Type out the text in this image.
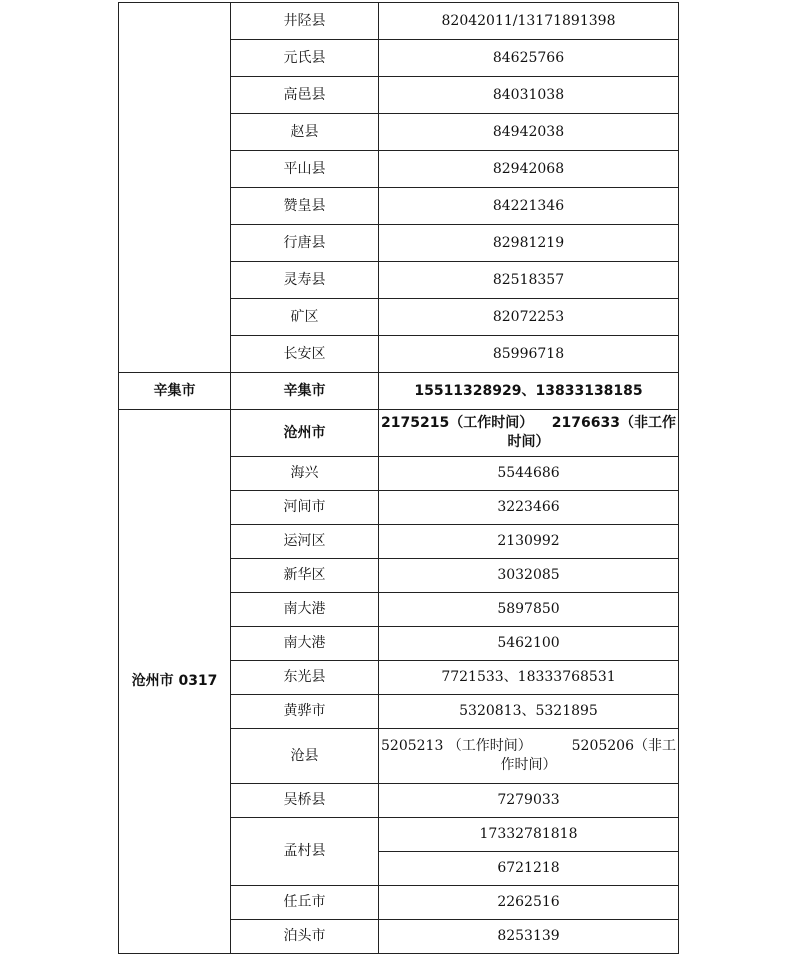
	井陉县	82042011/13171891398
	元氏县	84625766
	高邑县	84031038
	赵县	84942038
	平山县	82942068
	赞皇县	84221346
	行唐县	82981219
	灵寿县	82518357
	矿区	82072253
	长安区	85996718
辛集市	辛集市	15511328929、13833138185
沧州市 0317	沧州市	2175215（工作时间） 2176633（非工作
时间）

	海兴	5544686
	河间市	3223466
	运河区	2130992
	新华区	3032085
	南大港	5897850
	南大港	5462100
	东光县	7721533、18333768531
	黄骅市	5320813、5321895
	沧县	5205213 （工作时间） 5205206（非工
作时间）

	吴桥县	7279033
	孟村县	17332781818
		6721218
	任丘市	2262516
	泊头市	8253139
